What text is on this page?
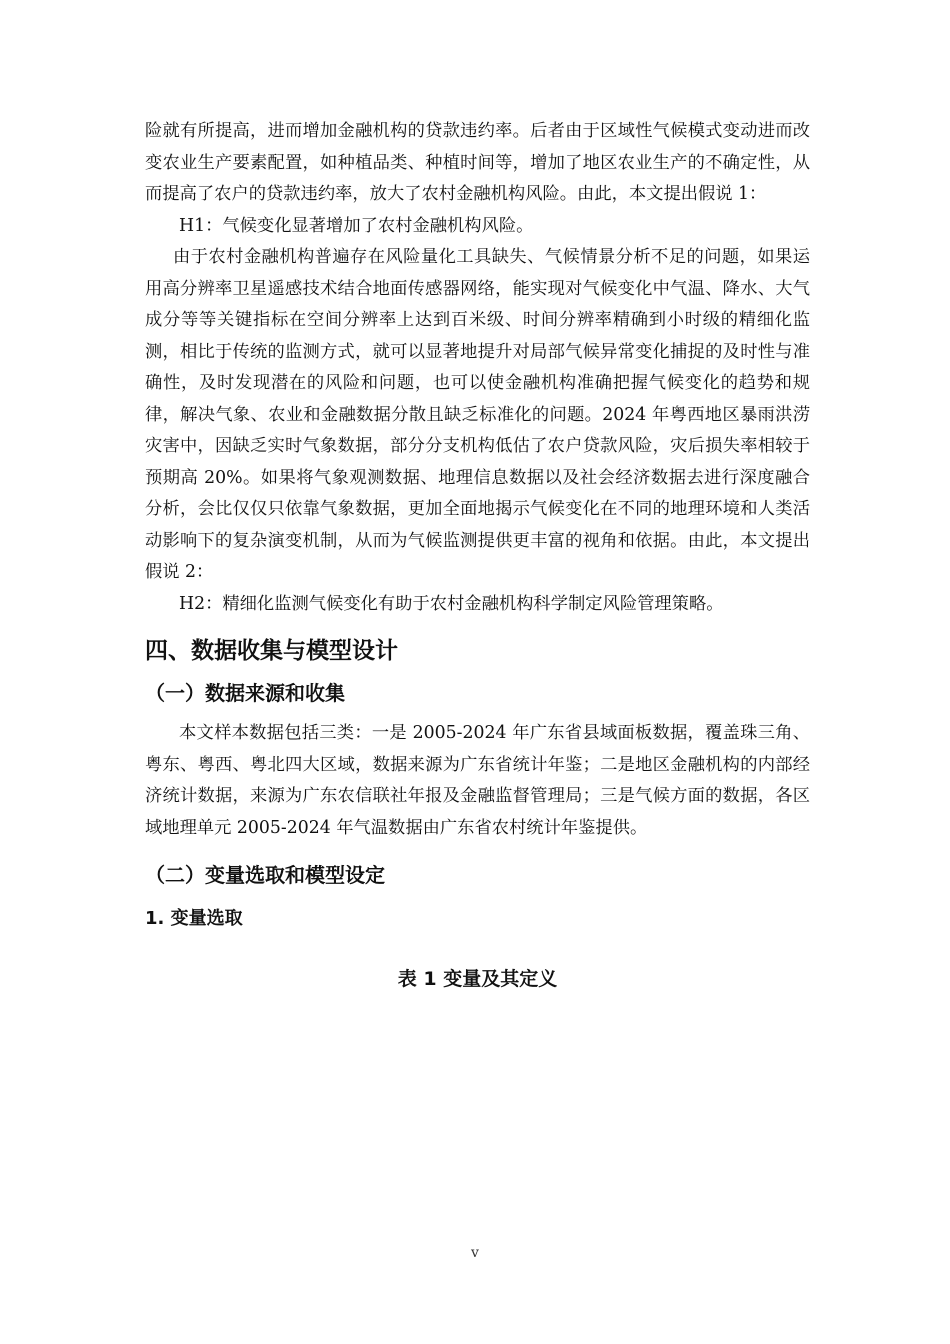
险就有所提高，进而增加金融机构的贷款违约率。后者由于区域性气候模式变动进而改变农业生产要素配置，如种植品类、种植时间等，增加了地区农业生产的不确定性，从而提高了农户的贷款违约率，放大了农村金融机构风险。由此，本文提出假说 1：

H1：气候变化显著增加了农村金融机构风险。

由于农村金融机构普遍存在风险量化工具缺失、气候情景分析不足的问题，如果运用高分辨率卫星遥感技术结合地面传感器网络，能实现对气候变化中气温、降水、大气成分等等关键指标在空间分辨率上达到百米级、时间分辨率精确到小时级的精细化监测，相比于传统的监测方式，就可以显著地提升对局部气候异常变化捕捉的及时性与准确性，及时发现潜在的风险和问题，也可以使金融机构准确把握气候变化的趋势和规律，解决气象、农业和金融数据分散且缺乏标准化的问题。2024 年粤西地区暴雨洪涝灾害中，因缺乏实时气象数据，部分分支机构低估了农户贷款风险，灾后损失率相较于预期高 20%。如果将气象观测数据、地理信息数据以及社会经济数据去进行深度融合分析，会比仅仅只依靠气象数据，更加全面地揭示气候变化在不同的地理环境和人类活动影响下的复杂演变机制，从而为气候监测提供更丰富的视角和依据。由此，本文提出假说 2：

H2：精细化监测气候变化有助于农村金融机构科学制定风险管理策略。

四、数据收集与模型设计
（一）数据来源和收集

本文样本数据包括三类：一是 2005-2024 年广东省县域面板数据，覆盖珠三角、粤东、粤西、粤北四大区域，数据来源为广东省统计年鉴；二是地区金融机构的内部经济统计数据，来源为广东农信联社年报及金融监督管理局；三是气候方面的数据，各区域地理单元 2005-2024 年气温数据由广东省农村统计年鉴提供。

（二）变量选取和模型设定
1. 变量选取
表 1 变量及其定义
v
